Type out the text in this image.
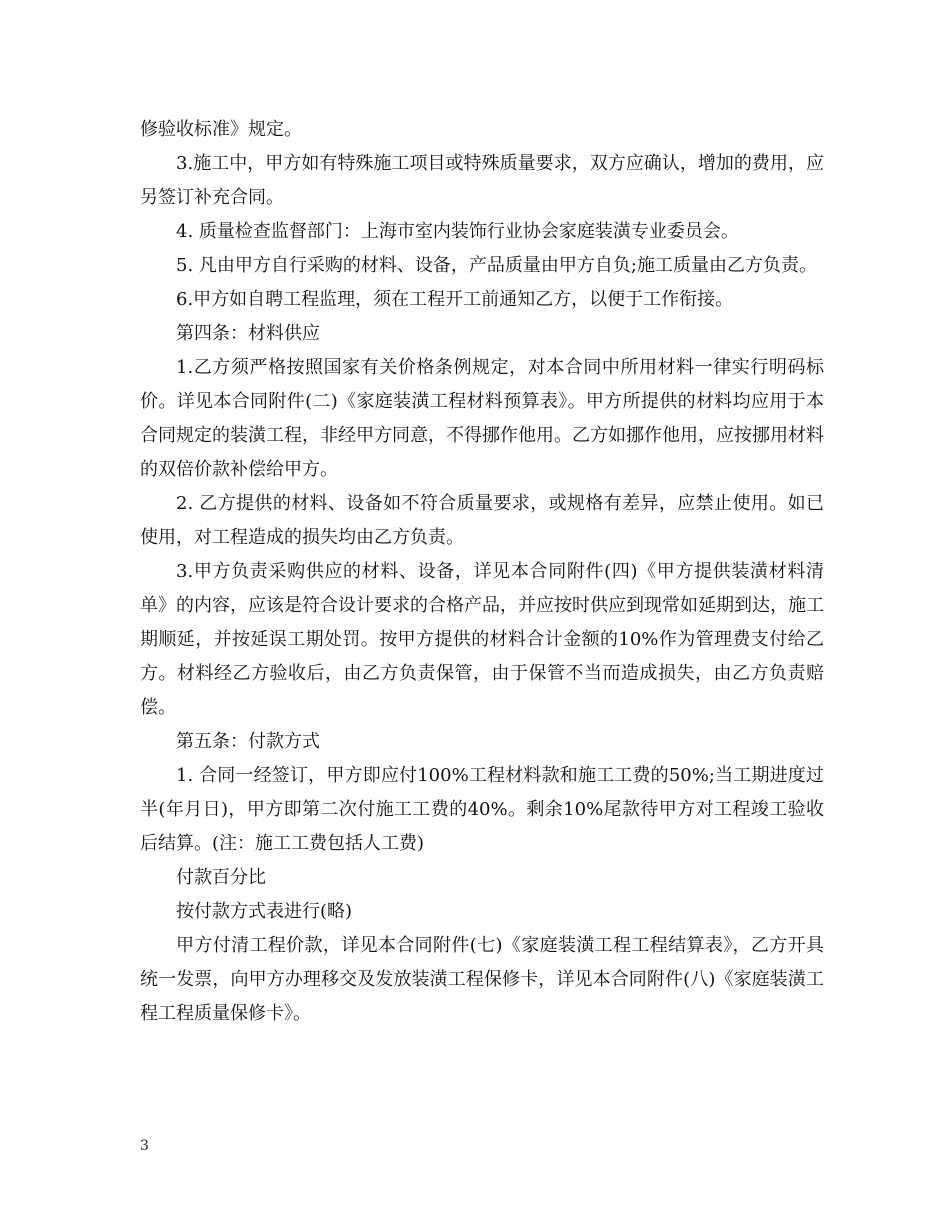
修验收标准》规定。

3.施工中，甲方如有特殊施工项目或特殊质量要求，双方应确认，增加的费用，应另签订补充合同。

4. 质量检查监督部门：上海市室内装饰行业协会家庭装潢专业委员会。

5. 凡由甲方自行采购的材料、设备，产品质量由甲方自负;施工质量由乙方负责。

6.甲方如自聘工程监理，须在工程开工前通知乙方，以便于工作衔接。

第四条：材料供应

1.乙方须严格按照国家有关价格条例规定，对本合同中所用材料一律实行明码标价。详见本合同附件(二)《家庭装潢工程材料预算表》。甲方所提供的材料均应用于本合同规定的装潢工程，非经甲方同意，不得挪作他用。乙方如挪作他用，应按挪用材料的双倍价款补偿给甲方。

2. 乙方提供的材料、设备如不符合质量要求，或规格有差异，应禁止使用。如已使用，对工程造成的损失均由乙方负责。

3.甲方负责采购供应的材料、设备，详见本合同附件(四)《甲方提供装潢材料清单》的内容，应该是符合设计要求的合格产品，并应按时供应到现常如延期到达，施工期顺延，并按延误工期处罚。按甲方提供的材料合计金额的10%作为管理费支付给乙方。材料经乙方验收后，由乙方负责保管，由于保管不当而造成损失，由乙方负责赔偿。

第五条：付款方式

1. 合同一经签订，甲方即应付100%工程材料款和施工工费的50%;当工期进度过半(年月日)，甲方即第二次付施工工费的40%。剩余10%尾款待甲方对工程竣工验收后结算。(注：施工工费包括人工费)

付款百分比

按付款方式表进行(略)

甲方付清工程价款，详见本合同附件(七)《家庭装潢工程工程结算表》，乙方开具统一发票，向甲方办理移交及发放装潢工程保修卡，详见本合同附件(八)《家庭装潢工程工程质量保修卡》。

3
